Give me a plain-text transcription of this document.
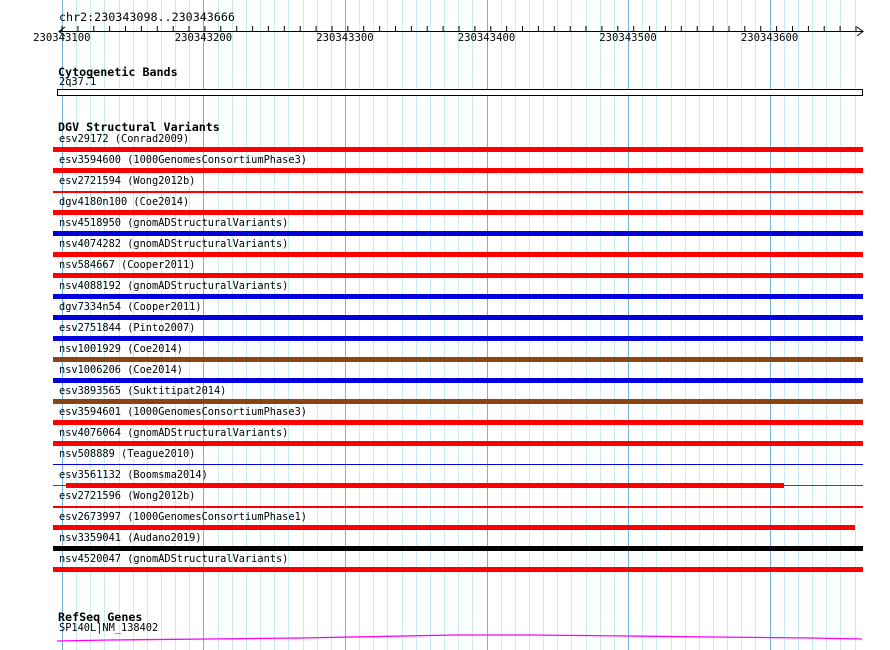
chr2:230343098..230343666
230343100	230343200	230343300	230343400	230343500	230343600
Cytogenetic Bands
2q37.1
DGV Structural Variants
esv29172 (Conrad2009)
esv3594600 (1000GenomesConsortiumPhase3)
esv2721594 (Wong2012b)
dgv4180n100 (Coe2014)
nsv4518950 (gnomADStructuralVariants)
nsv4074282 (gnomADStructuralVariants)
nsv584667 (Cooper2011)
nsv4088192 (gnomADStructuralVariants)
dgv7334n54 (Cooper2011)
esv2751844 (Pinto2007)
nsv1001929 (Coe2014)
nsv1006206 (Coe2014)
esv3893565 (Suktitipat2014)
esv3594601 (1000GenomesConsortiumPhase3)
nsv4076064 (gnomADStructuralVariants)
nsv508889 (Teague2010)
esv3561132 (Boomsma2014)
esv2721596 (Wong2012b)
esv2673997 (1000GenomesConsortiumPhase1)
nsv3359041 (Audano2019)
nsv4520047 (gnomADStructuralVariants)
RefSeq Genes
SP140L|NM_138402
